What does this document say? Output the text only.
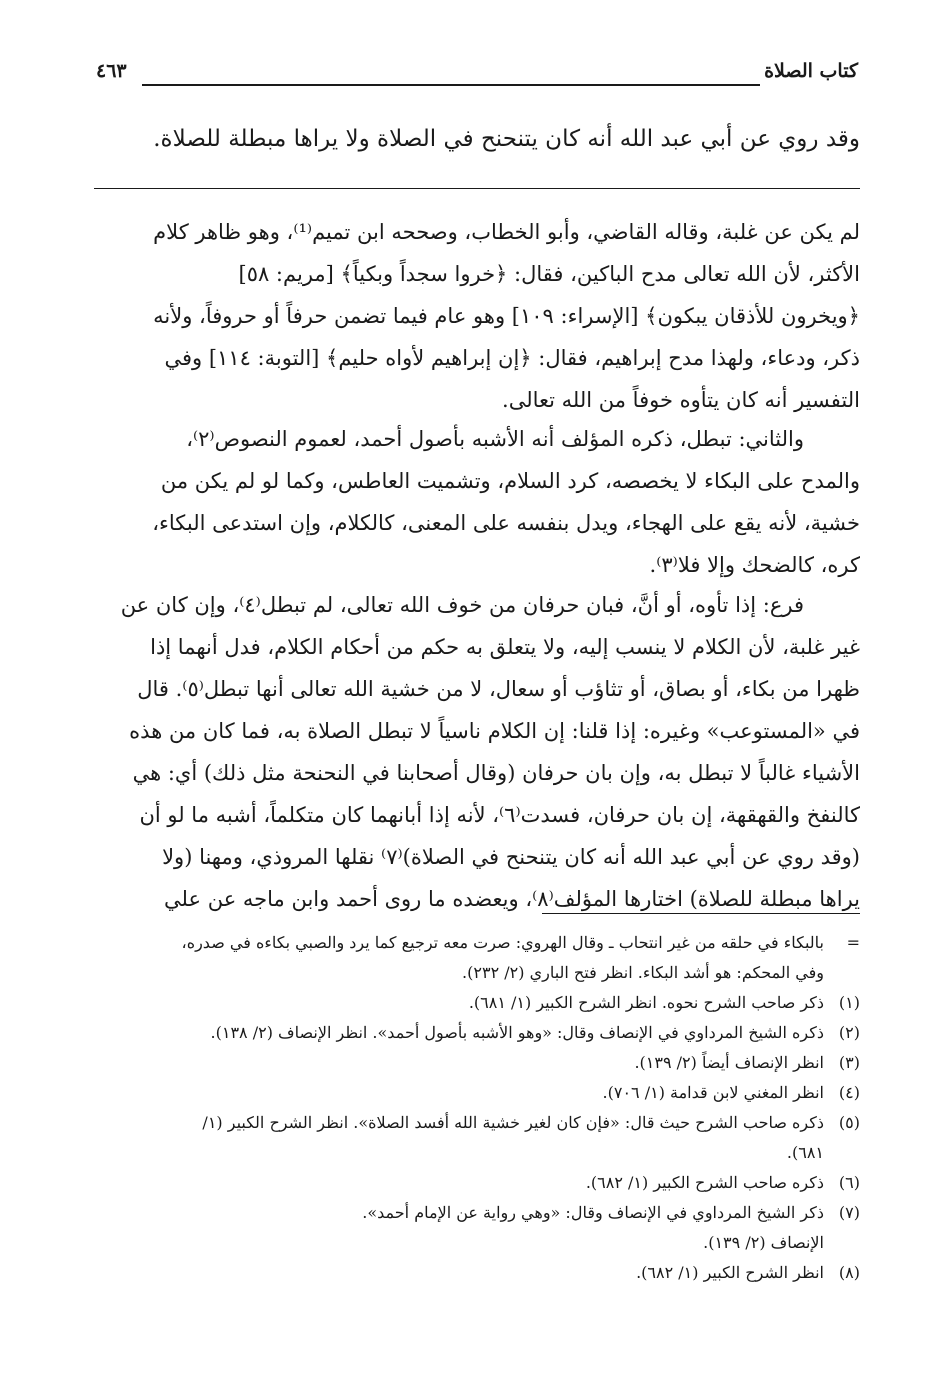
كتاب الصلاة
٤٦٣
وقد روي عن أبي عبد الله أنه كان يتنحنح في الصلاة ولا يراها مبطلة للصلاة.
لم يكن عن غلبة، وقاله القاضي، وأبو الخطاب، وصححه ابن تميم⁽¹⁾، وهو ظاهر كلام
الأكثر، لأن الله تعالى مدح الباكين، فقال: ﴿خروا سجداً وبكياً﴾ [مريم: ٥٨]
﴿ويخرون للأذقان يبكون﴾ [الإسراء: ١٠٩] وهو عام فيما تضمن حرفاً أو حروفاً، ولأنه
ذكر، ودعاء، ولهذا مدح إبراهيم، فقال: ﴿إن إبراهيم لأواه حليم﴾ [التوبة: ١١٤] وفي
التفسير أنه كان يتأوه خوفاً من الله تعالى.
والثاني: تبطل، ذكره المؤلف أنه الأشبه بأصول أحمد، لعموم النصوص⁽٢⁾،
والمدح على البكاء لا يخصصه، كرد السلام، وتشميت العاطس، وكما لو لم يكن من
خشية، لأنه يقع على الهجاء، ويدل بنفسه على المعنى، كالكلام، وإن استدعى البكاء،
كره، كالضحك وإلا فلا⁽٣⁾.
فرع: إذا تأوه، أو أنَّ، فبان حرفان من خوف الله تعالى، لم تبطل⁽٤⁾، وإن كان عن
غير غلبة، لأن الكلام لا ينسب إليه، ولا يتعلق به حكم من أحكام الكلام، فدل أنهما إذا
ظهرا من بكاء، أو بصاق، أو تثاؤب أو سعال، لا من خشية الله تعالى أنها تبطل⁽٥⁾. قال
في «المستوعب» وغيره: إذا قلنا: إن الكلام ناسياً لا تبطل الصلاة به، فما كان من هذه
الأشياء غالباً لا تبطل به، وإن بان حرفان (وقال أصحابنا في النحنحة مثل ذلك) أي: هي
كالنفخ والقهقهة، إن بان حرفان، فسدت⁽٦⁾، لأنه إذا أبانهما كان متكلماً، أشبه ما لو أن
(وقد روي عن أبي عبد الله أنه كان يتنحنح في الصلاة)⁽٧⁾ نقلها المروذي، ومهنا (ولا
يراها مبطلة للصلاة) اختارها المؤلف⁽٨⁾، ويعضده ما روى أحمد وابن ماجه عن علي
=
بالبكاء في حلقه من غير انتحاب ـ وقال الهروي: صرت معه ترجيع كما يرد والصبي بكاءه في صدره،
وفي المحكم: هو أشد البكاء. انظر فتح الباري (٢/ ٢٣٢).
(١)
ذكر صاحب الشرح نحوه. انظر الشرح الكبير (١/ ٦٨١).
(٢)
ذكره الشيخ المرداوي في الإنصاف وقال: «وهو الأشبه بأصول أحمد». انظر الإنصاف (٢/ ١٣٨).
(٣)
انظر الإنصاف أيضاً (٢/ ١٣٩).
(٤)
انظر المغني لابن قدامة (١/ ٧٠٦).
(٥)
ذكره صاحب الشرح حيث قال: «فإن كان لغير خشية الله أفسد الصلاة». انظر الشرح الكبير (١/
٦٨١).
(٦)
ذكره صاحب الشرح الكبير (١/ ٦٨٢).
(٧)
ذكر الشيخ المرداوي في الإنصاف وقال: «وهي رواية عن الإمام أحمد».
الإنصاف (٢/ ١٣٩).
(٨)
انظر الشرح الكبير (١/ ٦٨٢).
